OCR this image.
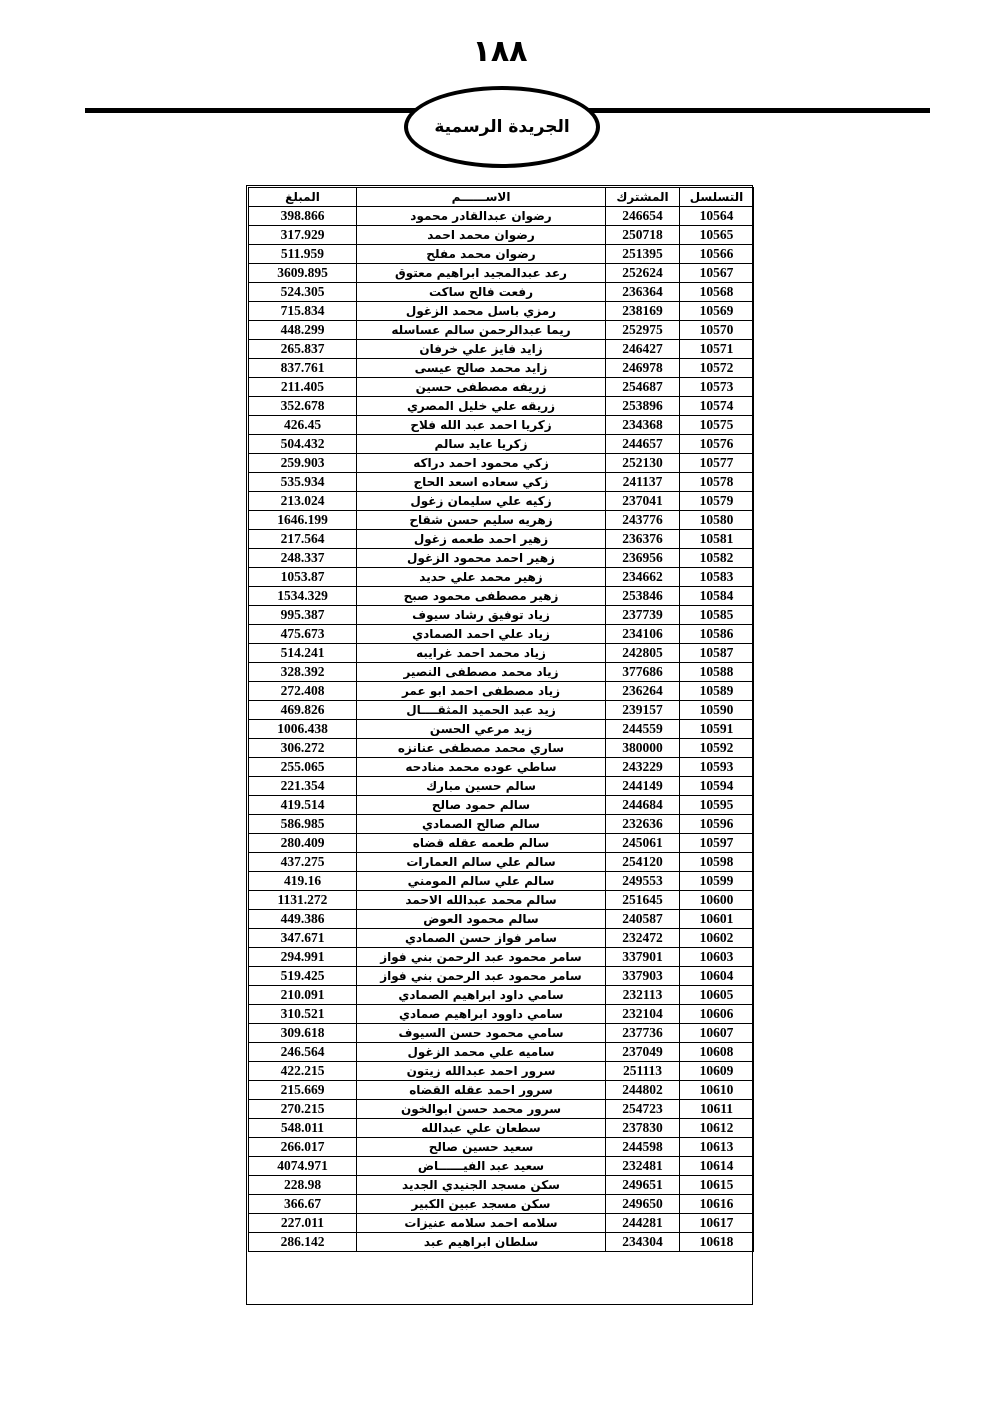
١٨٨
الجريدة الرسمية
المبلغ	الاســــــم	المشترك	التسلسل
398.866	رضوان عبدالقادر محمود	246654	10564
317.929	رضوان محمد احمد	250718	10565
511.959	رضوان محمد مفلح	251395	10566
3609.895	رعد عبدالمجيد ابراهيم معتوق	252624	10567
524.305	رفعت فالح ساكت	236364	10568
715.834	رمزي باسل محمد الزغول	238169	10569
448.299	ريما عبدالرحمن سالم عساسله	252975	10570
265.837	زايد فايز علي خرفان	246427	10571
837.761	زايد محمد صالح عيسى	246978	10572
211.405	زريفه مصطفى حسين	254687	10573
352.678	زريقه علي خليل المصري	253896	10574
426.45	زكريا احمد عبد الله فلاح	234368	10575
504.432	زكريا عايد سالم	244657	10576
259.903	زكي محمود احمد دراكه	252130	10577
535.934	زكي سعاده اسعد الحاج	241137	10578
213.024	زكيه علي سليمان زغول	237041	10579
1646.199	زهريه سليم حسن شقاح	243776	10580
217.564	زهير احمد طعمه زغول	236376	10581
248.337	زهير احمد محمود الزغول	236956	10582
1053.87	زهير محمد علي حديد	234662	10583
1534.329	زهير مصطفى محمود صبح	253846	10584
995.387	زياد توفيق رشاد سيوف	237739	10585
475.673	زياد علي احمد الصمادي	234106	10586
514.241	زياد محمد احمد غرايبه	242805	10587
328.392	زياد محمد مصطفى النصير	377686	10588
272.408	زياد مصطفى احمد ابو عمر	236264	10589
469.826	زيد عبد الحميد المثقــــال	239157	10590
1006.438	زيد مرعي الحسن	244559	10591
306.272	ساري محمد مصطفى عنانزه	380000	10592
255.065	ساطي عوده محمد منادحه	243229	10593
221.354	سالم حسين مبارك	244149	10594
419.514	سالم حمود صالح	244684	10595
586.985	سالم صالح الصمادي	232636	10596
280.409	سالم طعمه عقله قضاه	245061	10597
437.275	سالم علي سالم العمارات	254120	10598
419.16	سالم علي سالم المومني	249553	10599
1131.272	سالم محمد عبدالله الاحمد	251645	10600
449.386	سالم محمود العوض	240587	10601
347.671	سامر فواز حسن الصمادي	232472	10602
294.991	سامر محمود عبد الرحمن بني فواز	337901	10603
519.425	سامر محمود عبد الرحمن بني فواز	337903	10604
210.091	سامي داود ابراهيم الصمادي	232113	10605
310.521	سامي داوود ابراهيم صمادي	232104	10606
309.618	سامي محمود حسن السيوف	237736	10607
246.564	ساميه علي محمد الزغول	237049	10608
422.215	سرور احمد عبدالله زيتون	251113	10609
215.669	سرور احمد عقله القضاه	244802	10610
270.215	سرور محمد حسن ابوالخون	254723	10611
548.011	سطعان علي عبدالله	237830	10612
266.017	سعيد حسين صالح	244598	10613
4074.971	سعيد عبد الفيــــــاض	232481	10614
228.98	سكن مسجد الجنيدي الجديد	249651	10615
366.67	سكن مسجد عبين الكبير	249650	10616
227.011	سلامه احمد سلامه عنيزات	244281	10617
286.142	سلطان ابراهيم عبد	234304	10618
